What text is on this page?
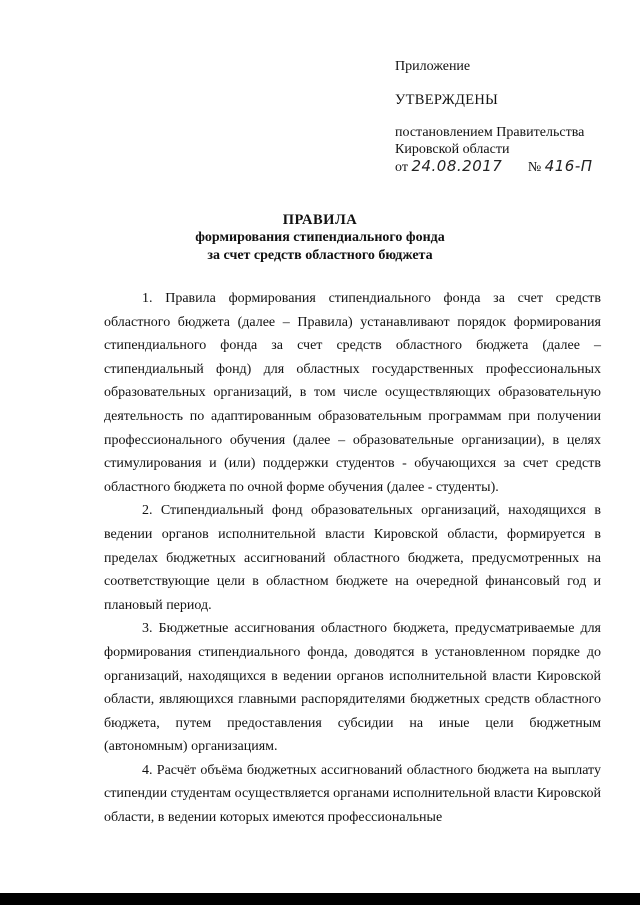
Приложение
УТВЕРЖДЕНЫ
постановлением Правительства
Кировской области
от 24.08.2017 № 416-П
ПРАВИЛА
формирования стипендиального фонда
за счет средств областного бюджета

1. Правила формирования стипендиального фонда за счет средств областного бюджета (далее – Правила) устанавливают порядок формирования стипендиального фонда за счет средств областного бюджета (далее – стипендиальный фонд) для областных государственных профессиональных образовательных организаций, в том числе осуществляющих образовательную деятельность по адаптированным образовательным программам при получении профессионального обучения (далее – образовательные организации), в целях стимулирования и (или) поддержки студентов - обучающихся за счет средств областного бюджета по очной форме обучения (далее - студенты).

2. Стипендиальный фонд образовательных организаций, находящихся в ведении органов исполнительной власти Кировской области, формируется в пределах бюджетных ассигнований областного бюджета, предусмотренных на соответствующие цели в областном бюджете на очередной финансовый год и плановый период.

3. Бюджетные ассигнования областного бюджета, предусматриваемые для формирования стипендиального фонда, доводятся в установленном порядке до организаций, находящихся в ведении органов исполнительной власти Кировской области, являющихся главными распорядителями бюджетных средств областного бюджета, путем предоставления субсидии на иные цели бюджетным (автономным) организациям.

4. Расчёт объёма бюджетных ассигнований областного бюджета на выплату стипендии студентам осуществляется органами исполнительной власти Кировской области, в ведении которых имеются профессиональные
